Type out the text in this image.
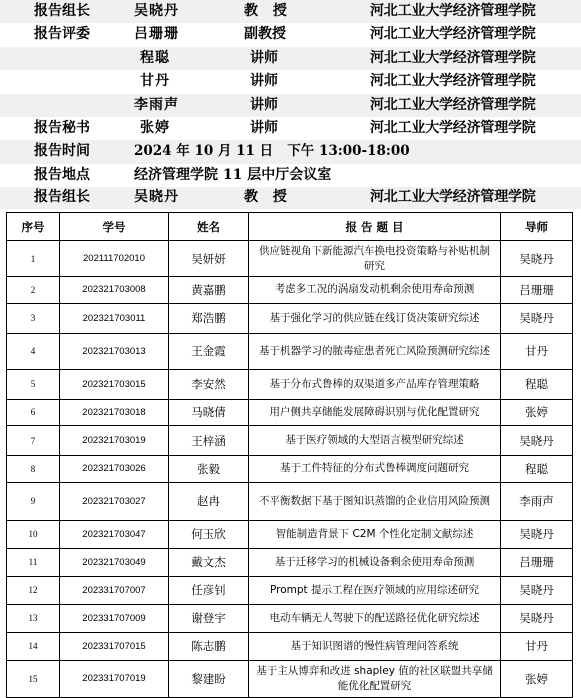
报告组长	吴晓丹	教 授	河北工业大学经济管理学院
报告评委	吕珊珊	副教授	河北工业大学经济管理学院
程聪	讲师	河北工业大学经济管理学院
甘丹	讲师	河北工业大学经济管理学院
李雨声	讲师	河北工业大学经济管理学院
报告秘书	张婷	讲师	河北工业大学经济管理学院
报告时间	2024 年 10 月 11 日   下午 13:00-18:00
报告地点	经济管理学院 11 层中厅会议室
报告组长	吴晓丹	教 授	河北工业大学经济管理学院
序号	学号	姓名	报 告 题 目	导师
1	202111702010	吴妍妍	供应链视角下新能源汽车换电投资策略与补贴机制研究	吴晓丹
2	202321703008	黄嘉鹏	考虑多工况的涡扇发动机剩余使用寿命预测	吕珊珊
3	202321703011	郑浩鹏	基于强化学习的供应链在线订货决策研究综述	吴晓丹
4	202321703013	王金霞	基于机器学习的脓毒症患者死亡风险预测研究综述	甘丹
5	202321703015	李安然	基于分布式鲁棒的双渠道多产品库存管理策略	程聪
6	202321703018	马晓倩	用户侧共享储能发展障碍识别与优化配置研究	张婷
7	202321703019	王梓涵	基于医疗领域的大型语言模型研究综述	吴晓丹
8	202321703026	张毅	基于工件特征的分布式鲁棒调度问题研究	程聪
9	202321703027	赵冉	不平衡数据下基于图知识蒸馏的企业信用风险预测	李雨声
10	202321703047	何玉欣	智能制造背景下 C2M 个性化定制文献综述	吴晓丹
11	202321703049	戴文杰	基于迁移学习的机械设备剩余使用寿命预测	吕珊珊
12	202331707007	任彦钊	Prompt 提示工程在医疗领域的应用综述研究	吴晓丹
13	202331707009	谢登宇	电动车辆无人驾驶下的配送路径优化研究综述	吴晓丹
14	202331707015	陈志鹏	基于知识图谱的慢性病管理问答系统	甘丹
15	202331707019	黎建盼	基于主从博弈和改进 shapley 值的社区联盟共享储能优化配置研究	张婷
